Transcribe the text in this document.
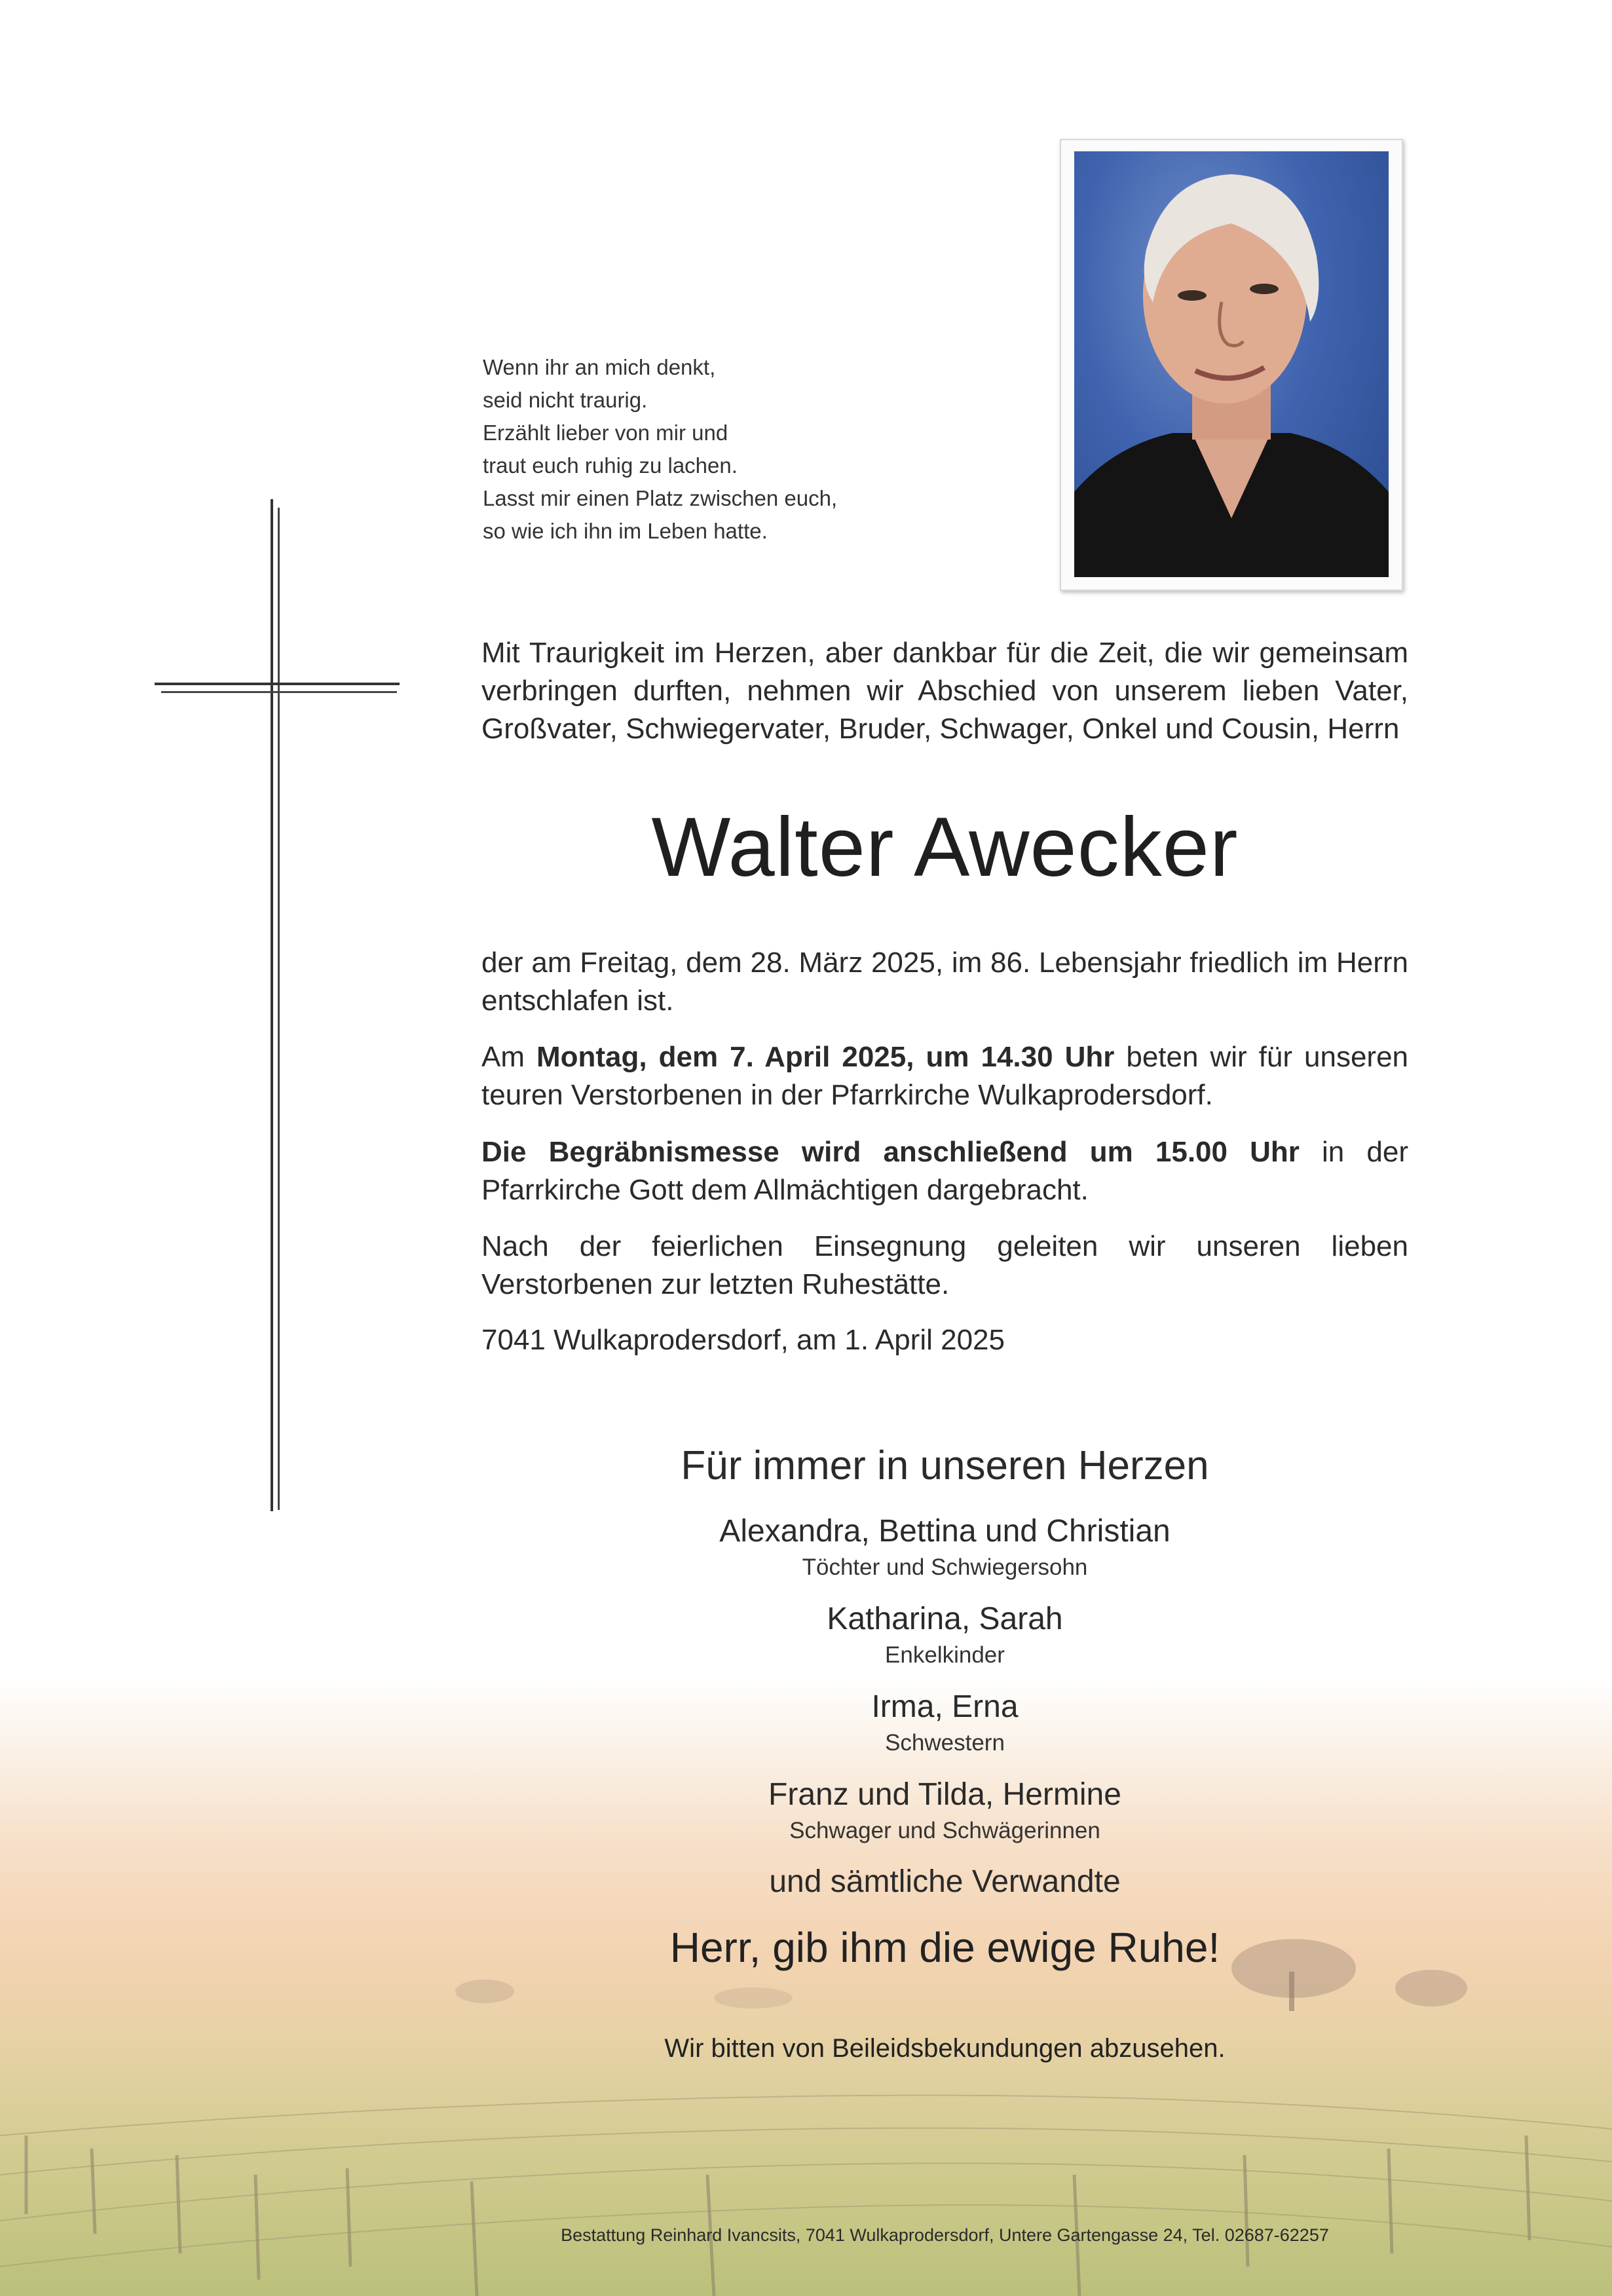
Wenn ihr an mich denkt,
seid nicht traurig.
Erzählt lieber von mir und
traut euch ruhig zu lachen.
Lasst mir einen Platz zwischen euch,
so wie ich ihn im Leben hatte.
Mit Traurigkeit im Herzen, aber dankbar für die Zeit, die wir gemeinsam verbringen durften, nehmen wir Abschied von unserem lieben Vater, Großvater, Schwiegervater, Bruder, Schwager, Onkel und Cousin, Herrn
Walter Awecker
der am Freitag, dem 28. März 2025, im 86. Lebensjahr friedlich im Herrn entschlafen ist.
Am Montag, dem 7. April 2025, um 14.30 Uhr beten wir für unseren teuren Verstorbenen in der Pfarrkirche Wulkaprodersdorf.
Die Begräbnismesse wird anschließend um 15.00 Uhr in der Pfarrkirche Gott dem Allmächtigen dargebracht.
Nach der feierlichen Einsegnung geleiten wir unseren lieben Verstorbenen zur letzten Ruhestätte.
7041 Wulkaprodersdorf, am 1. April 2025
Für immer in unseren Herzen
Alexandra, Bettina und Christian
Töchter und Schwiegersohn
Katharina, Sarah
Enkelkinder
Irma, Erna
Schwestern
Franz und Tilda, Hermine
Schwager und Schwägerinnen
und sämtliche Verwandte
Herr, gib ihm die ewige Ruhe!
Wir bitten von Beileidsbekundungen abzusehen.
Bestattung Reinhard Ivancsits, 7041 Wulkaprodersdorf, Untere Gartengasse 24, Tel. 02687-62257
